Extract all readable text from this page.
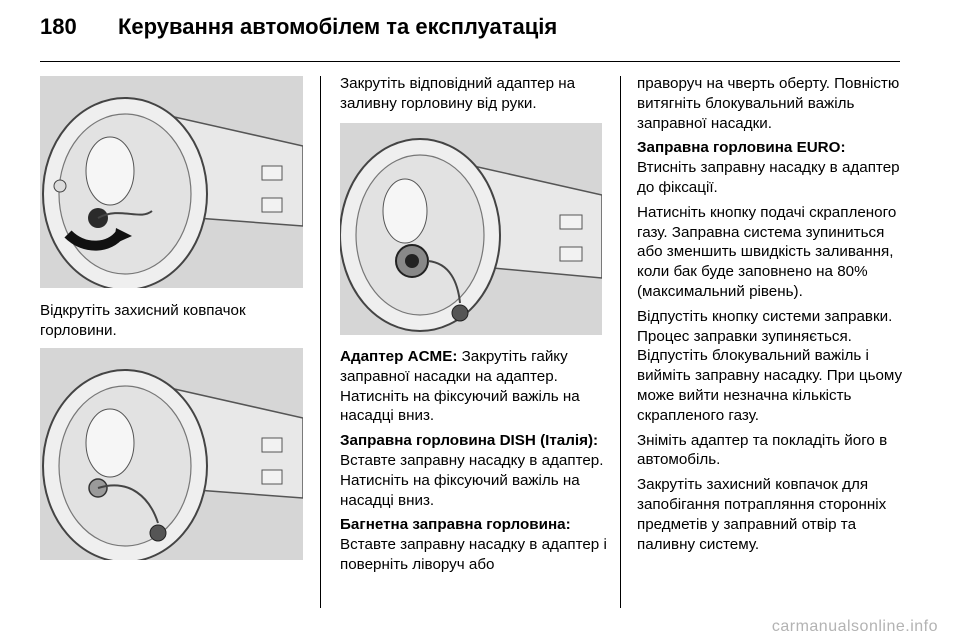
180 Керування автомобілем та експлуатація

Відкрутіть захисний ковпачок горловини.

Закрутіть відповідний адаптер на заливну горловину від руки.

Адаптер ACME: Закрутіть гайку заправної насадки на адаптер. Натисніть на фіксуючий важіль на насадці вниз.

Заправна горловина DISH (Італія): Вставте заправну насадку в адаптер. Натисніть на фіксуючий важіль на насадці вниз.

Багнетна заправна горловина: Вставте заправну насадку в адаптер і поверніть ліворуч або

праворуч на чверть оберту. Повністю витягніть блокувальний важіль заправної насадки.

Заправна горловина EURO: Втисніть заправну насадку в адаптер до фіксації.

Натисніть кнопку подачі скрапленого газу. Заправна система зупиниться або зменшить швидкість заливання, коли бак буде заповнено на 80% (максимальний рівень).

Відпустіть кнопку системи заправки. Процес заправки зупиняється. Відпустіть блокувальний важіль і вийміть заправну насадку. При цьому може вийти незначна кількість скрапленого газу.

Зніміть адаптер та покладіть його в автомобіль.

Закрутіть захисний ковпачок для запобігання потрапляння сторонніх предметів у заправний отвір та паливну систему.

carmanualsonline.info
